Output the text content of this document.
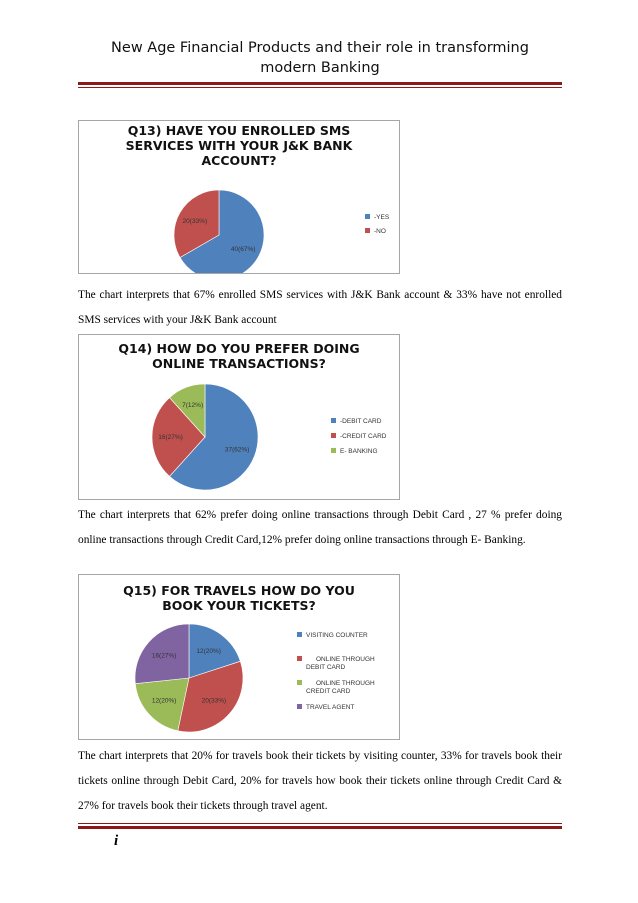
New Age Financial Products and their role in transforming
modern Banking
Q13) HAVE YOU ENROLLED SMS
SERVICES WITH YOUR J&K BANK
ACCOUNT?
40(67%)
20(33%)
-YES
-NO
The chart interprets that 67% enrolled SMS services with J&K Bank account & 33% have not enrolled SMS services with your J&K Bank account
Q14) HOW DO YOU PREFER DOING
ONLINE TRANSACTIONS?
37(62%)
16(27%)
7(12%)
-DEBIT CARD
-CREDIT CARD
E- BANKING
The chart interprets that 62% prefer doing online transactions through Debit Card , 27 % prefer doing online transactions through Credit Card,12% prefer doing online transactions through E- Banking.
Q15) FOR TRAVELS HOW DO YOU
BOOK YOUR TICKETS?
12(20%)
20(33%)
12(20%)
16(27%)
VISITING COUNTER
ONLINE THROUGH DEBIT CARD
ONLINE THROUGH CREDIT CARD
TRAVEL AGENT
The chart interprets that 20% for travels book their tickets by visiting counter, 33% for travels book their tickets online through Debit Card, 20% for travels how book their tickets online through Credit Card & 27% for travels book their tickets through travel agent.
i
